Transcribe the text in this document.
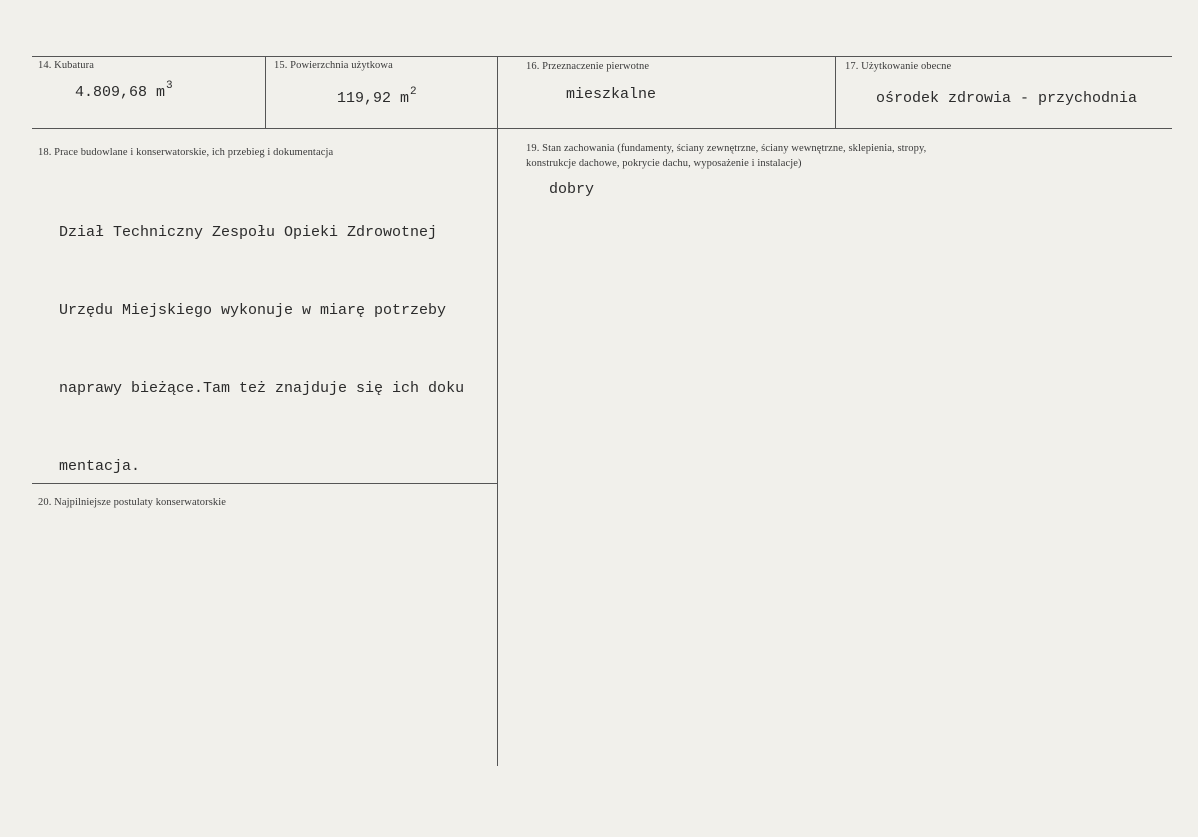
14. Kubatura
4.809,68 $m^3$
15. Powierzchnia użytkowa
119,92 $m^2$
16. Przeznaczenie pierwotne
mieszkalne
17. Użytkowanie obecne
ośrodek zdrowia - przychodnia
18. Prace budowlane i konserwatorskie, ich przebieg i dokumentacja

Dział Techniczny Zespołu Opieki Zdrowotnej

Urzędu Miejskiego wykonuje w miarę potrzeby

naprawy bieżące.Tam też znajduje się ich doku

mentacja.

19. Stan zachowania (fundamenty, ściany zewnętrzne, ściany wewnętrzne, sklepienia, stropy,
konstrukcje dachowe, pokrycie dachu, wyposażenie i instalacje)
dobry
20. Najpilniejsze postulaty konserwatorskie
